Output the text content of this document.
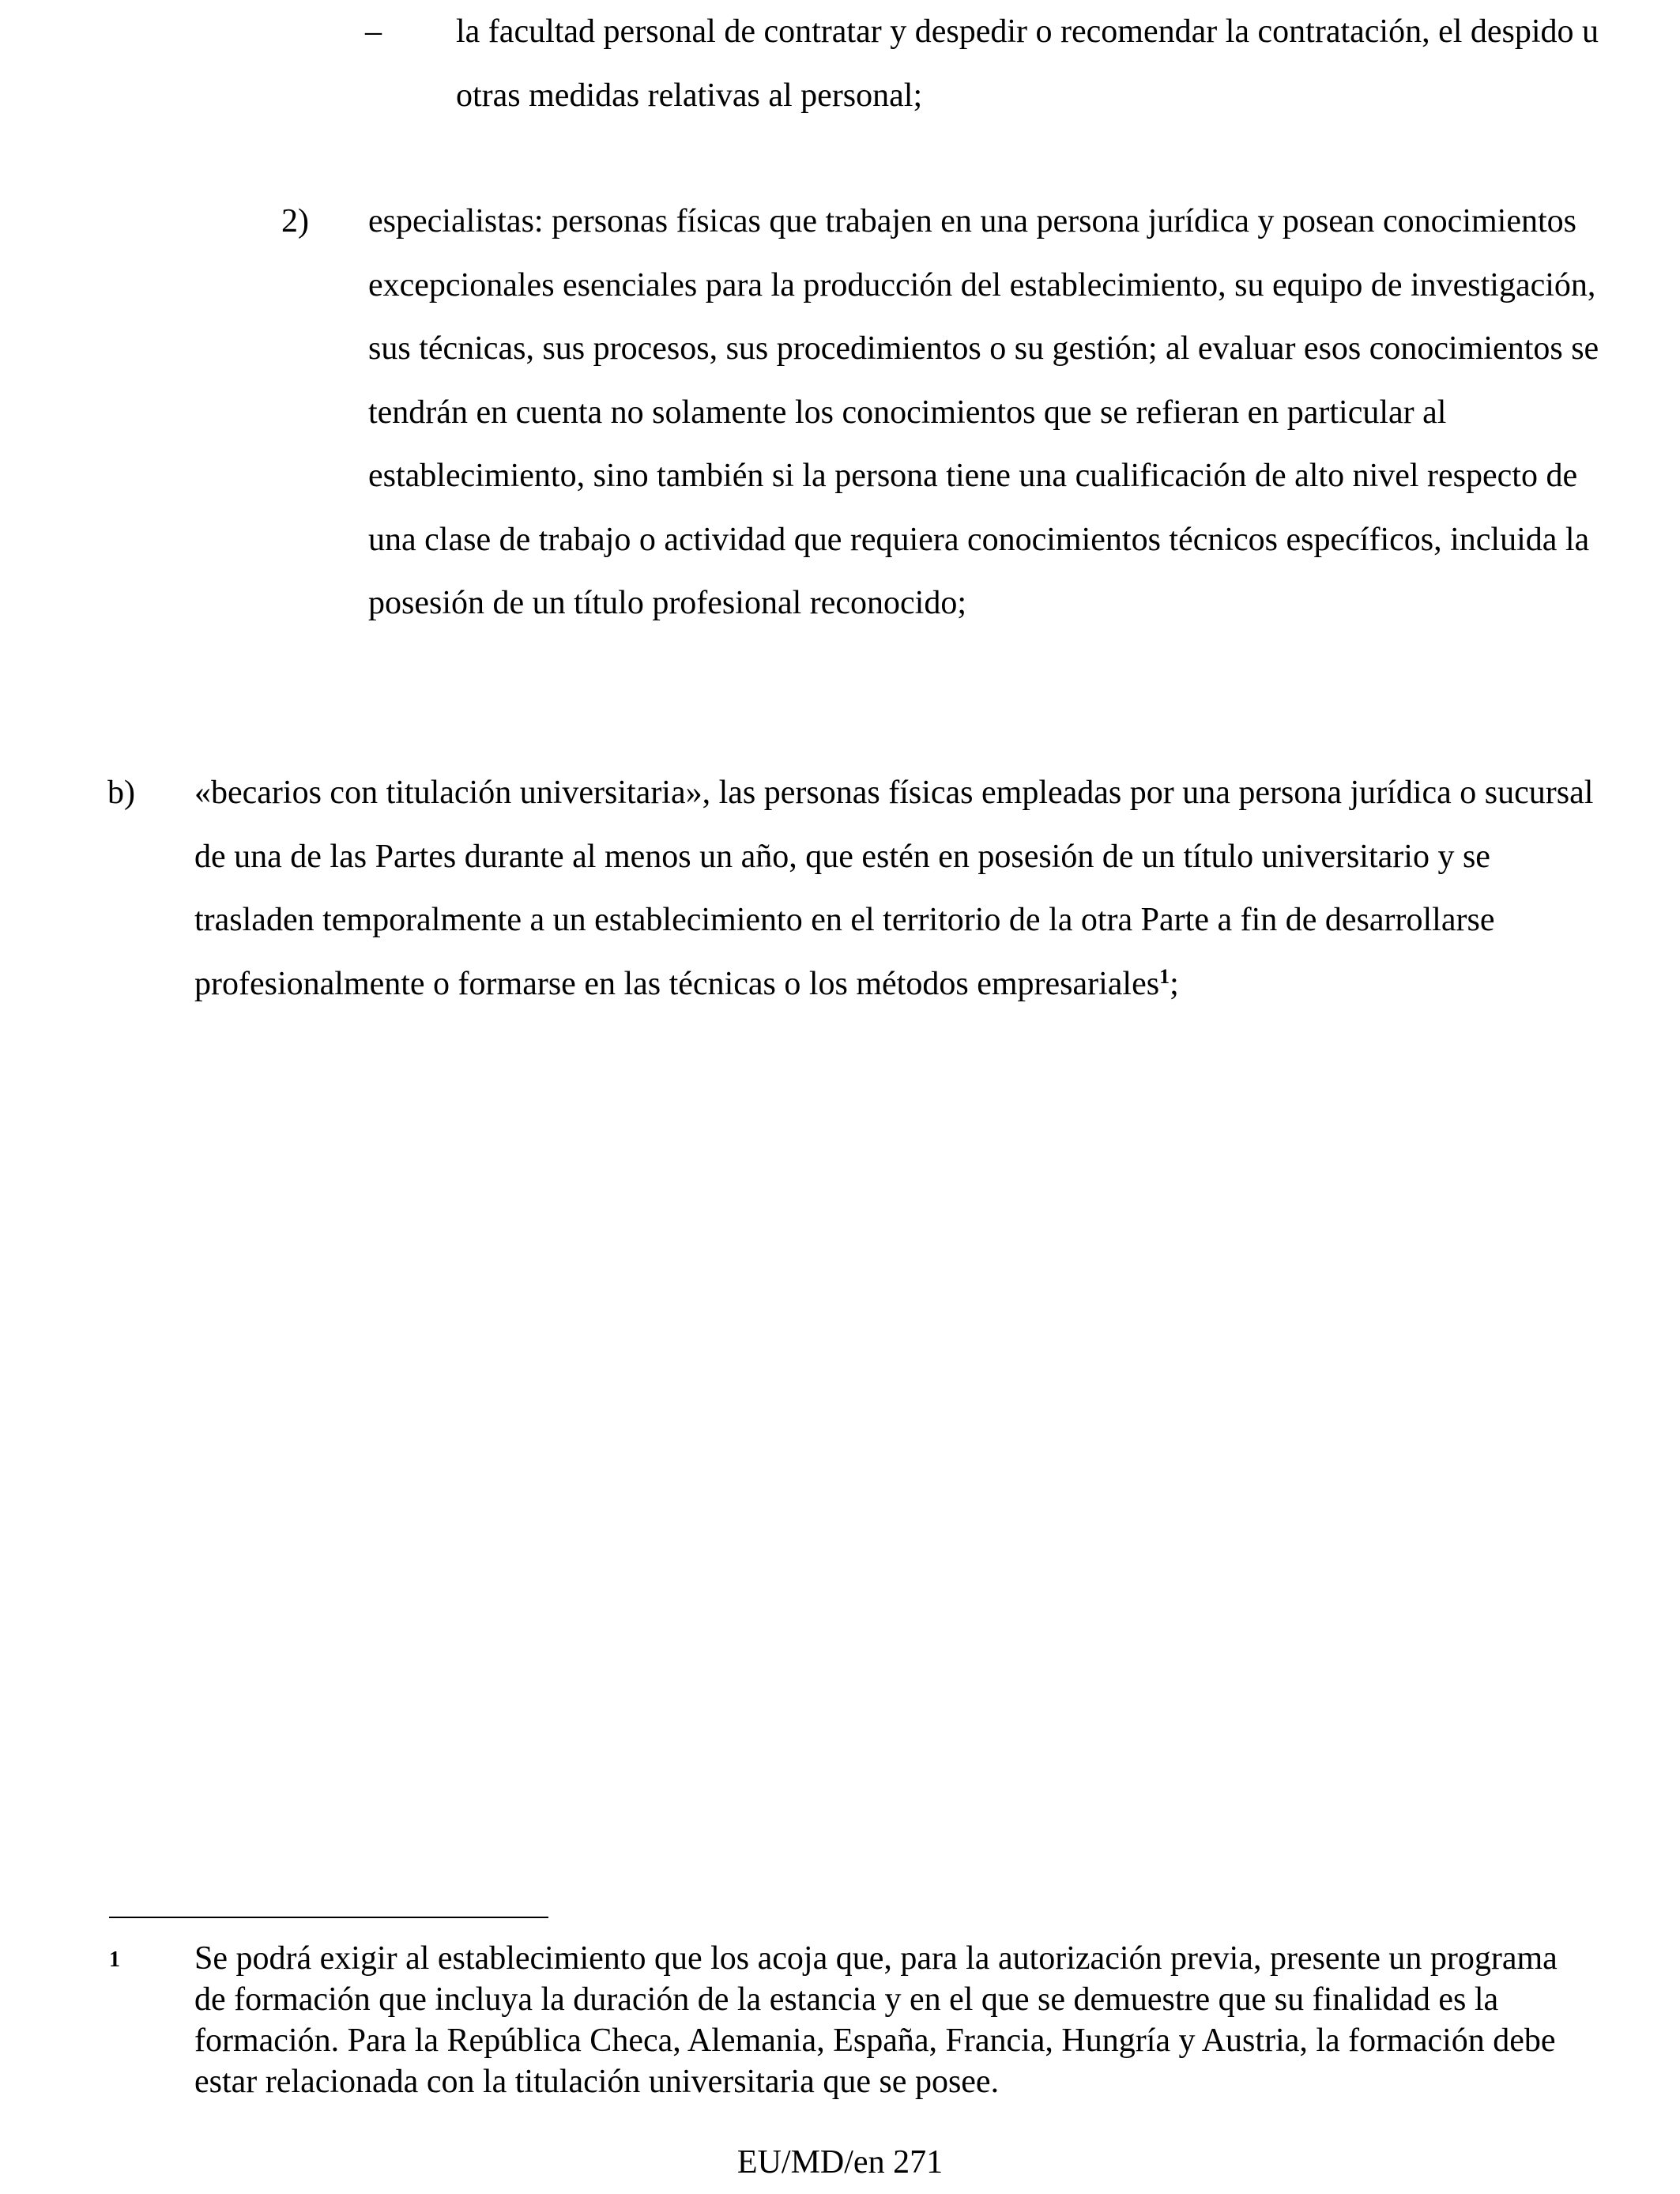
– la facultad personal de contratar y despedir o recomendar la contratación, el despido u otras medidas relativas al personal;
2) especialistas: personas físicas que trabajen en una persona jurídica y posean conocimientos excepcionales esenciales para la producción del establecimiento, su equipo de investigación, sus técnicas, sus procesos, sus procedimientos o su gestión; al evaluar esos conocimientos se tendrán en cuenta no solamente los conocimientos que se refieran en particular al establecimiento, sino también si la persona tiene una cualificación de alto nivel respecto de una clase de trabajo o actividad que requiera conocimientos técnicos específicos, incluida la posesión de un título profesional reconocido;
b) «becarios con titulación universitaria», las personas físicas empleadas por una persona jurídica o sucursal de una de las Partes durante al menos un año, que estén en posesión de un título universitario y se trasladen temporalmente a un establecimiento en el territorio de la otra Parte a fin de desarrollarse profesionalmente o formarse en las técnicas o los métodos empresariales$^1$;
1 Se podrá exigir al establecimiento que los acoja que, para la autorización previa, presente un programa de formación que incluya la duración de la estancia y en el que se demuestre que su finalidad es la formación. Para la República Checa, Alemania, España, Francia, Hungría y Austria, la formación debe estar relacionada con la titulación universitaria que se posee.
EU/MD/en 271
